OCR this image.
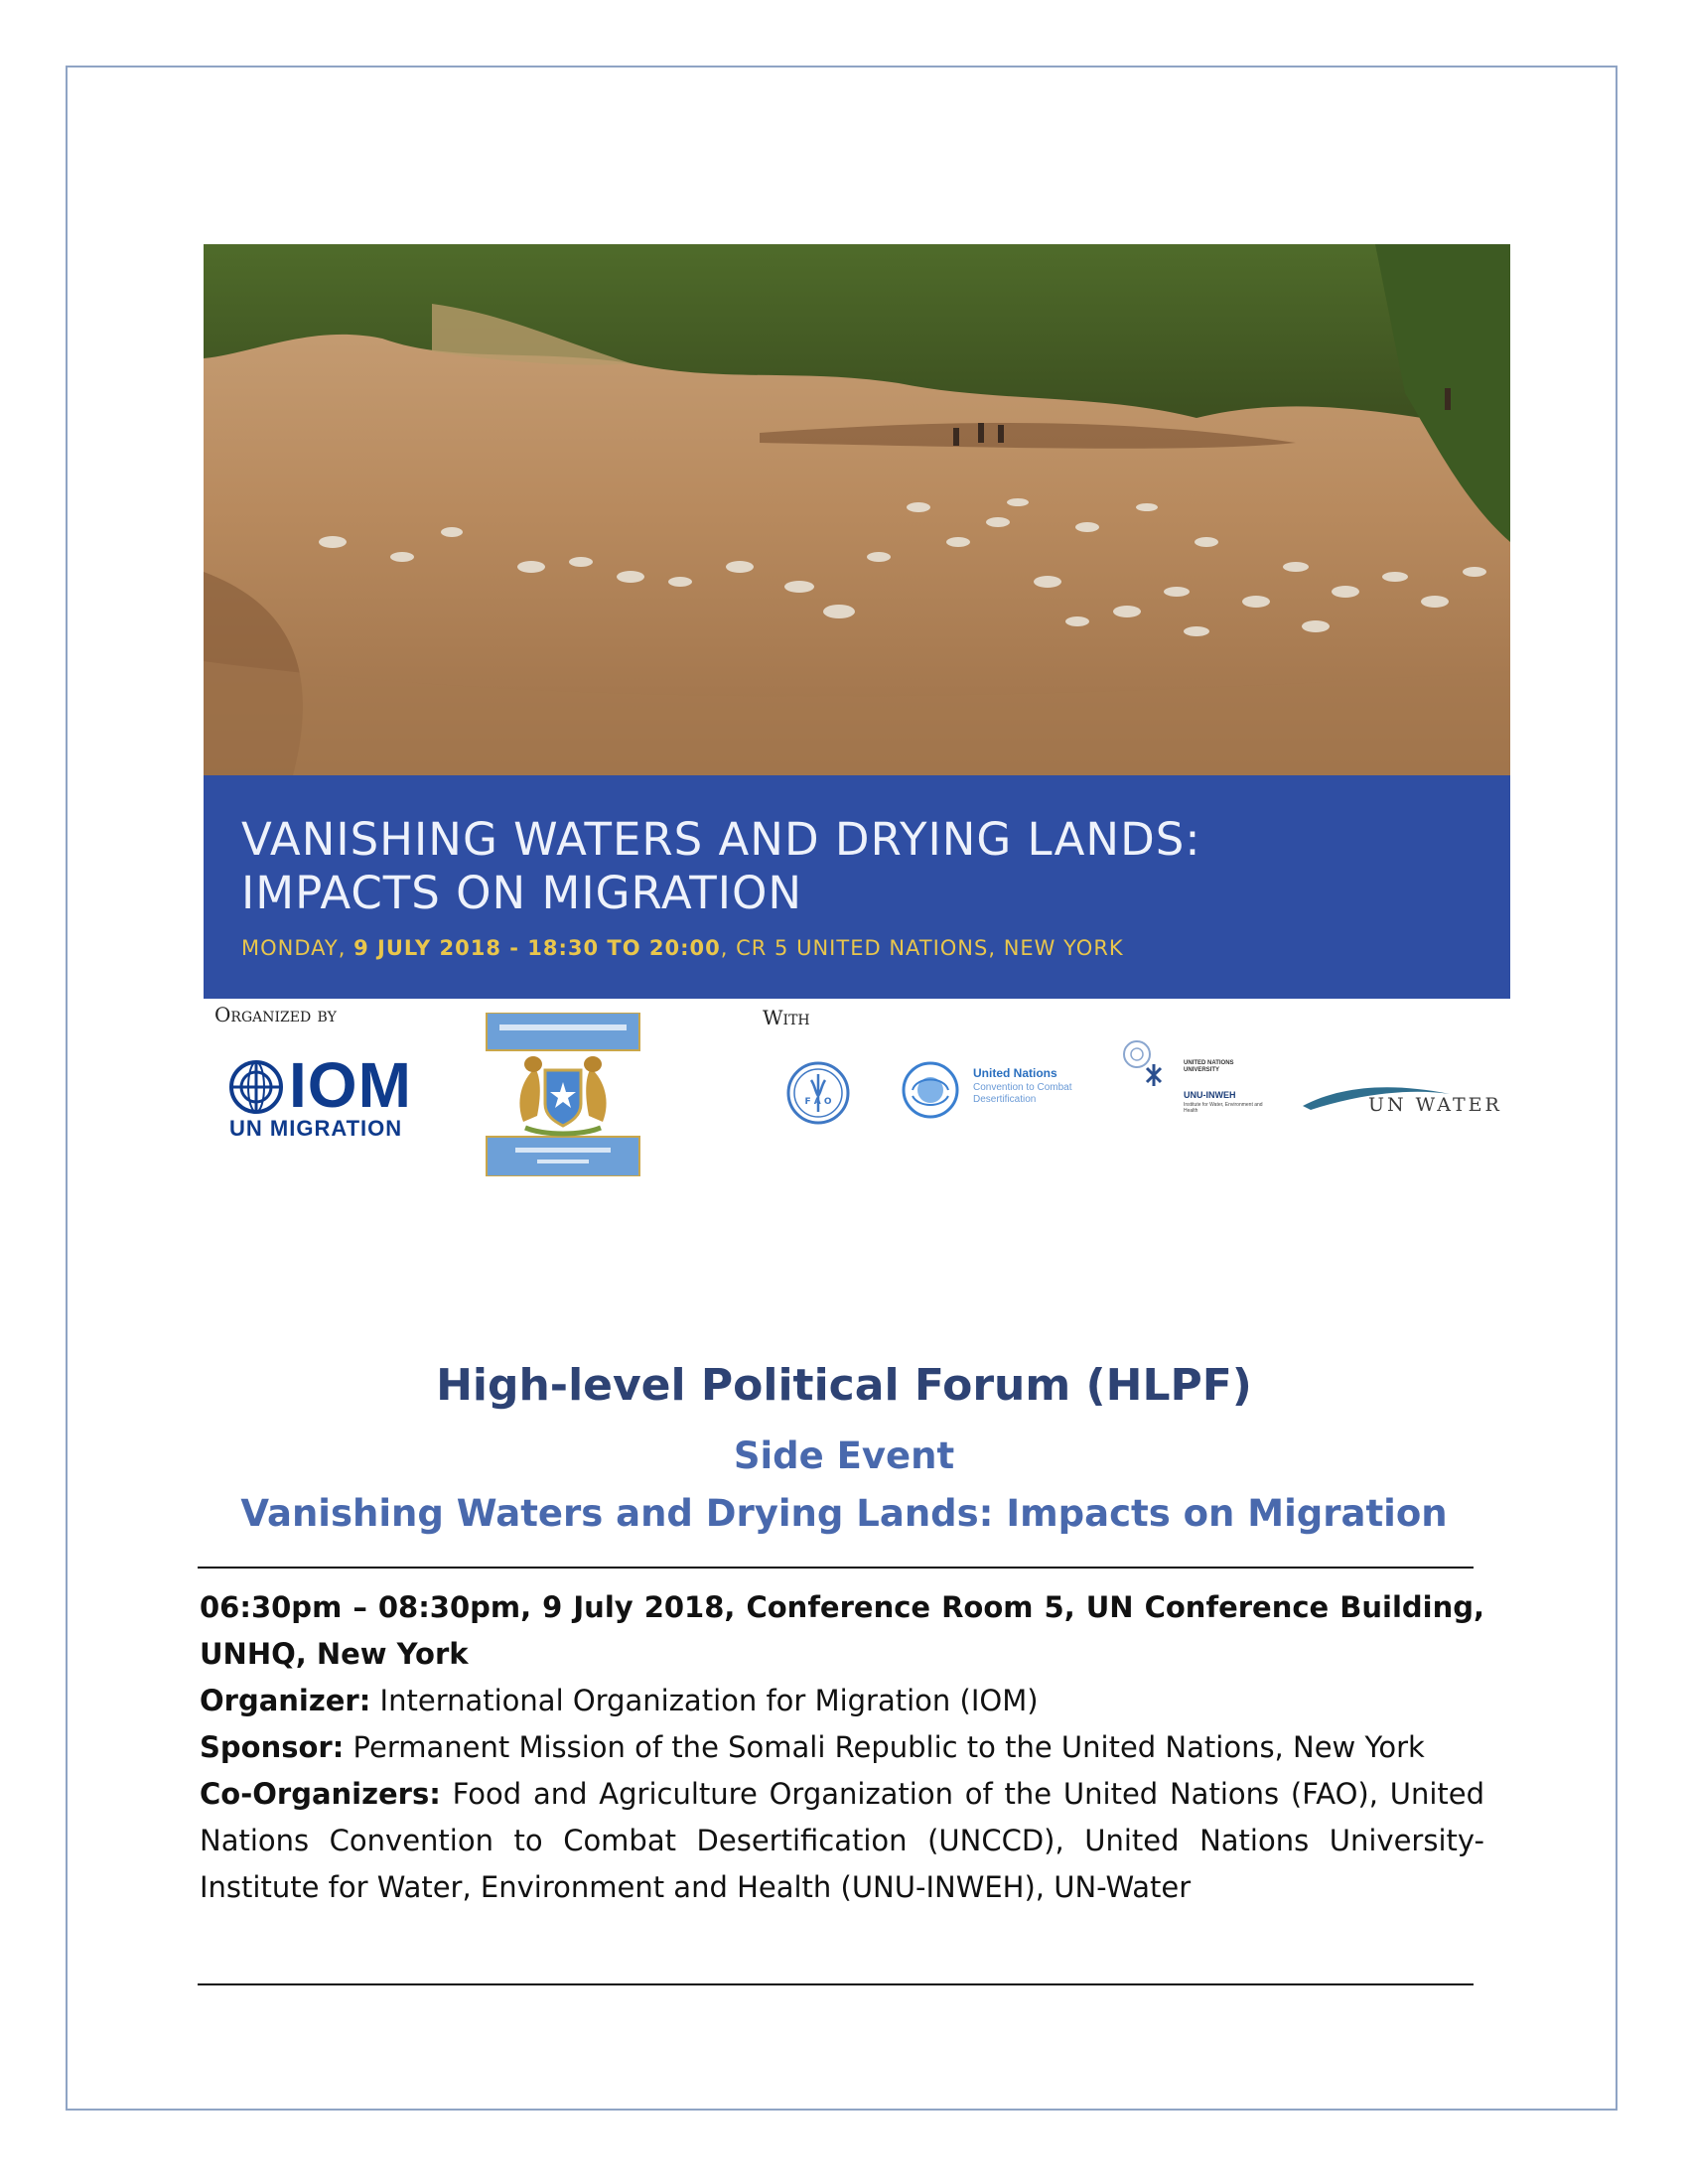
VANISHING WATERS AND DRYING LANDS:
IMPACTS ON MIGRATION
MONDAY, 9 JULY 2018 - 18:30 TO 20:00, CR 5 UNITED NATIONS, NEW YORK
Organized by	With
IOM
UN MIGRATION
F A O
United Nations
Convention to Combat Desertification
UNITED NATIONS UNIVERSITY
UNU-INWEH
Institute for Water, Environment and Health	UN WATER
High-level Political Forum (HLPF)
Side Event
Vanishing Waters and Drying Lands: Impacts on Migration

06:30pm – 08:30pm, 9 July 2018, Conference Room 5, UN Conference Building, UNHQ, New York

Organizer: International Organization for Migration (IOM)

Sponsor: Permanent Mission of the Somali Republic to the United Nations, New York

Co-Organizers: Food and Agriculture Organization of the United Nations (FAO), United Nations Convention to Combat Desertification (UNCCD), United Nations University- Institute for Water, Environment and Health (UNU-INWEH), UN-Water
